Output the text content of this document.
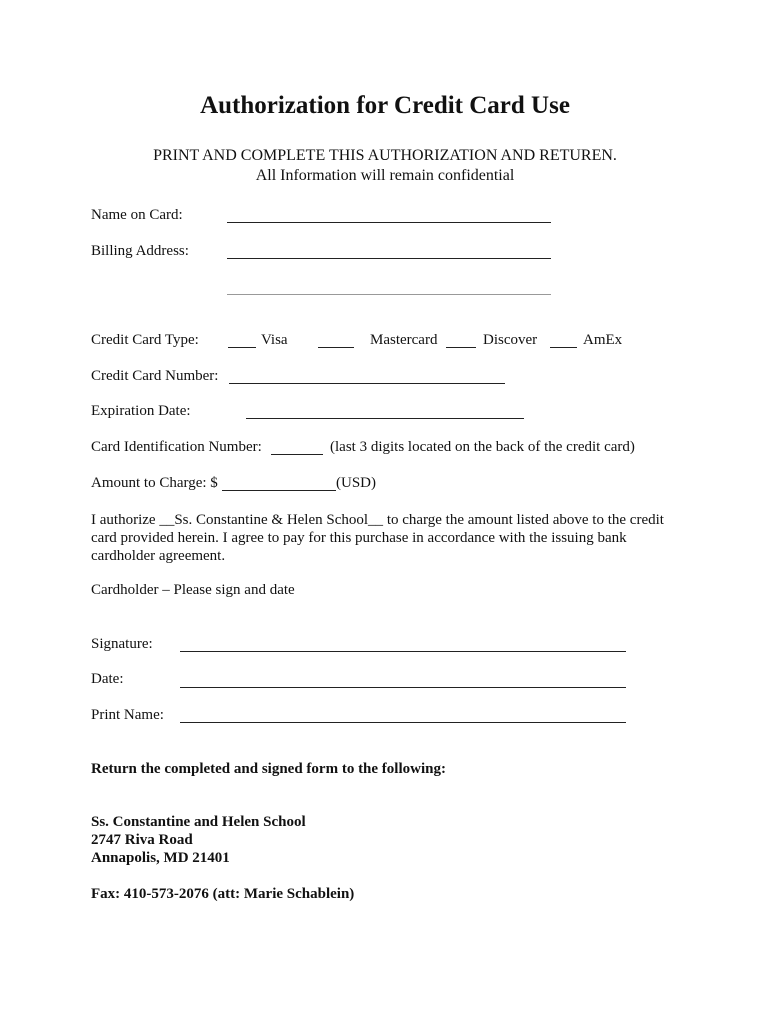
Authorization for Credit Card Use
PRINT AND COMPLETE THIS AUTHORIZATION AND RETUREN.
All Information will remain confidential
Name on Card:
Billing Address:
Credit Card Type:	Visa	Mastercard	Discover	AmEx
Credit Card Number:
Expiration Date:
Card Identification Number:	(last 3 digits located on the back of the credit card)
Amount to Charge: $	(USD)
I authorize __Ss. Constantine & Helen School__ to charge the amount listed above to the credit card provided herein. I agree to pay for this purchase in accordance with the issuing bank cardholder agreement.
Cardholder – Please sign and date
Signature:
Date:
Print Name:
Return the completed and signed form to the following:
Ss. Constantine and Helen School
2747 Riva Road
Annapolis, MD 21401
Fax: 410-573-2076 (att: Marie Schablein)
